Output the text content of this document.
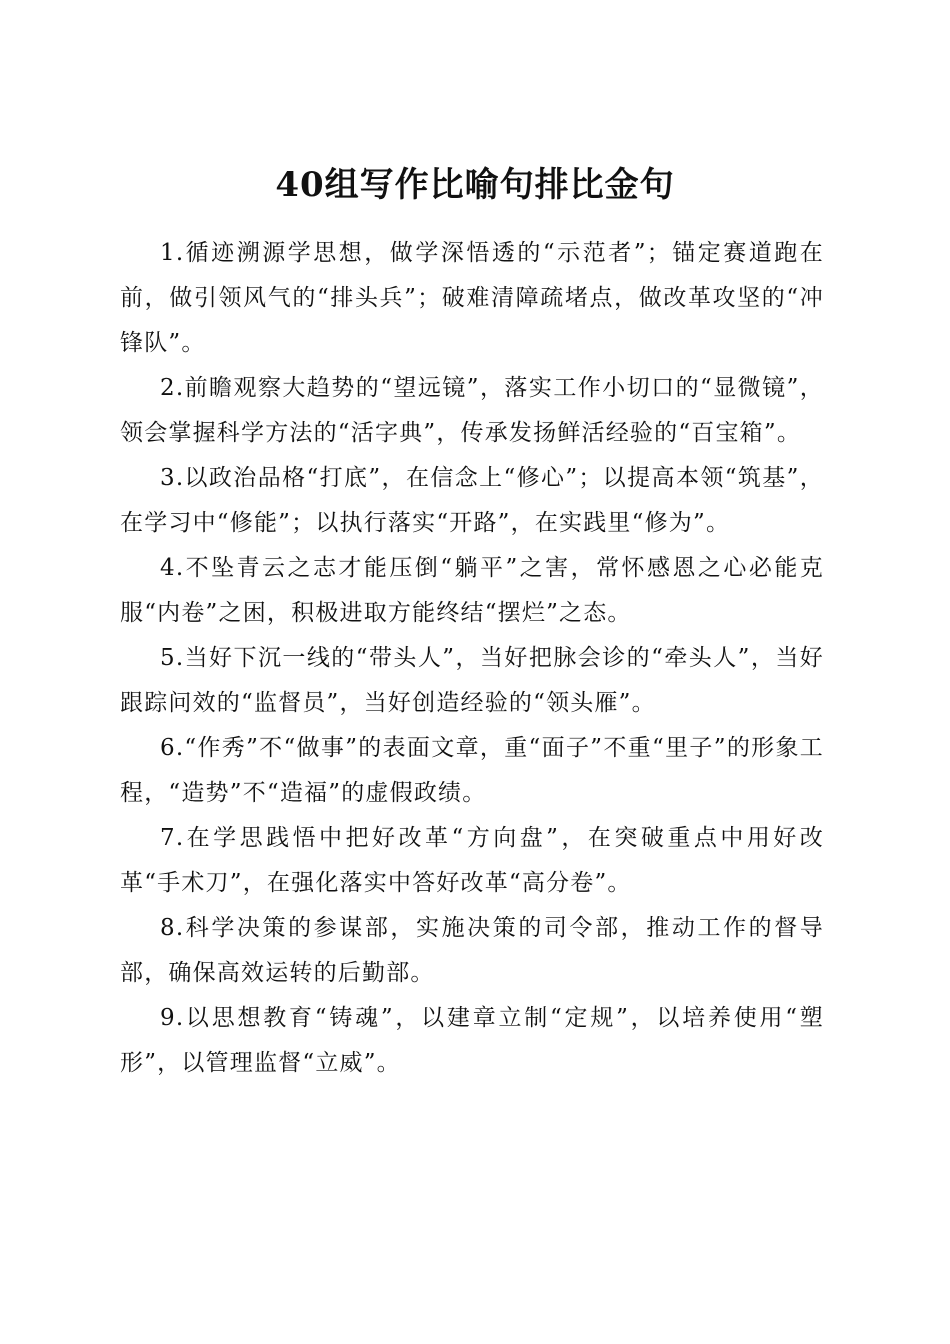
40组写作比喻句排比金句

1.循迹溯源学思想，做学深悟透的“示范者”；锚定赛道跑在前，做引领风气的“排头兵”；破难清障疏堵点，做改革攻坚的“冲锋队”。

2.前瞻观察大趋势的“望远镜”，落实工作小切口的“显微镜”，领会掌握科学方法的“活字典”，传承发扬鲜活经验的“百宝箱”。

3.以政治品格“打底”，在信念上“修心”；以提高本领“筑基”，在学习中“修能”；以执行落实“开路”，在实践里“修为”。

4.不坠青云之志才能压倒“躺平”之害，常怀感恩之心必能克服“内卷”之困，积极进取方能终结“摆烂”之态。

5.当好下沉一线的“带头人”，当好把脉会诊的“牵头人”，当好跟踪问效的“监督员”，当好创造经验的“领头雁”。

6.“作秀”不“做事”的表面文章，重“面子”不重“里子”的形象工程，“造势”不“造福”的虚假政绩。

7.在学思践悟中把好改革“方向盘”，在突破重点中用好改革“手术刀”，在强化落实中答好改革“高分卷”。

8.科学决策的参谋部，实施决策的司令部，推动工作的督导部，确保高效运转的后勤部。

9.以思想教育“铸魂”，以建章立制“定规”，以培养使用“塑形”，以管理监督“立威”。
